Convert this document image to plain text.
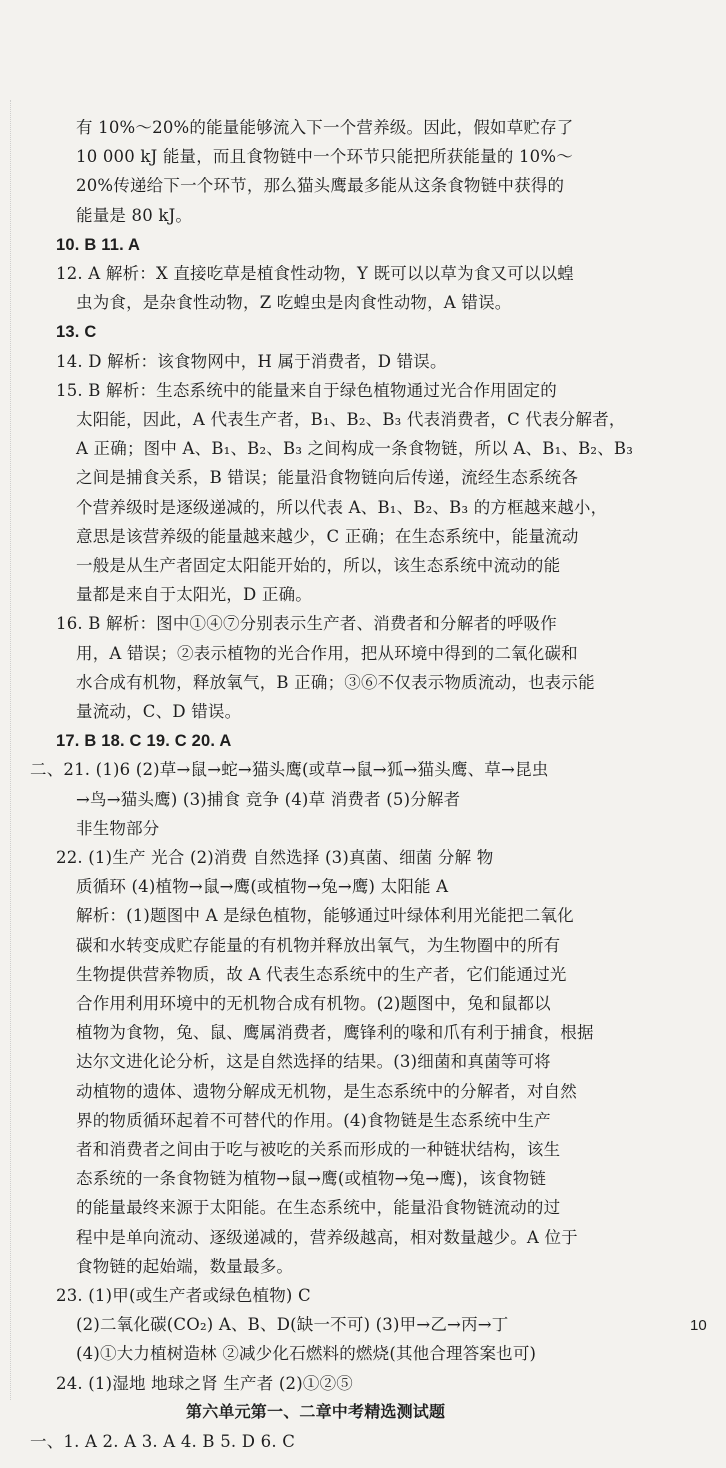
有 10%～20%的能量能够流入下一个营养级。因此，假如草贮存了
10 000 kJ 能量，而且食物链中一个环节只能把所获能量的 10%～
20%传递给下一个环节，那么猫头鹰最多能从这条食物链中获得的
能量是 80 kJ。
10. B 11. A
12. A 解析：X 直接吃草是植食性动物，Y 既可以以草为食又可以以蝗
虫为食，是杂食性动物，Z 吃蝗虫是肉食性动物，A 错误。
13. C
14. D 解析：该食物网中，H 属于消费者，D 错误。
15. B 解析：生态系统中的能量来自于绿色植物通过光合作用固定的
太阳能，因此，A 代表生产者，B₁、B₂、B₃ 代表消费者，C 代表分解者，
A 正确；图中 A、B₁、B₂、B₃ 之间构成一条食物链，所以 A、B₁、B₂、B₃
之间是捕食关系，B 错误；能量沿食物链向后传递，流经生态系统各
个营养级时是逐级递减的，所以代表 A、B₁、B₂、B₃ 的方框越来越小，
意思是该营养级的能量越来越少，C 正确；在生态系统中，能量流动
一般是从生产者固定太阳能开始的，所以，该生态系统中流动的能
量都是来自于太阳光，D 正确。
16. B 解析：图中①④⑦分别表示生产者、消费者和分解者的呼吸作
用，A 错误；②表示植物的光合作用，把从环境中得到的二氧化碳和
水合成有机物，释放氧气，B 正确；③⑥不仅表示物质流动，也表示能
量流动，C、D 错误。
17. B 18. C 19. C 20. A
二、21. (1)6 (2)草→鼠→蛇→猫头鹰(或草→鼠→狐→猫头鹰、草→昆虫
→鸟→猫头鹰) (3)捕食 竞争 (4)草 消费者 (5)分解者
非生物部分
22. (1)生产 光合 (2)消费 自然选择 (3)真菌、细菌 分解 物
质循环 (4)植物→鼠→鹰(或植物→兔→鹰) 太阳能 A
解析：(1)题图中 A 是绿色植物，能够通过叶绿体利用光能把二氧化
碳和水转变成贮存能量的有机物并释放出氧气，为生物圈中的所有
生物提供营养物质，故 A 代表生态系统中的生产者，它们能通过光
合作用利用环境中的无机物合成有机物。(2)题图中，兔和鼠都以
植物为食物，兔、鼠、鹰属消费者，鹰锋利的喙和爪有利于捕食，根据
达尔文进化论分析，这是自然选择的结果。(3)细菌和真菌等可将
动植物的遗体、遗物分解成无机物，是生态系统中的分解者，对自然
界的物质循环起着不可替代的作用。(4)食物链是生态系统中生产
者和消费者之间由于吃与被吃的关系而形成的一种链状结构，该生
态系统的一条食物链为植物→鼠→鹰(或植物→兔→鹰)，该食物链
的能量最终来源于太阳能。在生态系统中，能量沿食物链流动的过
程中是单向流动、逐级递减的，营养级越高，相对数量越少。A 位于
食物链的起始端，数量最多。
23. (1)甲(或生产者或绿色植物) C
(2)二氧化碳(CO₂) A、B、D(缺一不可) (3)甲→乙→丙→丁
(4)①大力植树造林 ②减少化石燃料的燃烧(其他合理答案也可)
24. (1)湿地 地球之肾 生产者 (2)①②⑤
第六单元第一、二章中考精选测试题
一、1. A 2. A 3. A 4. B 5. D 6. C
10
